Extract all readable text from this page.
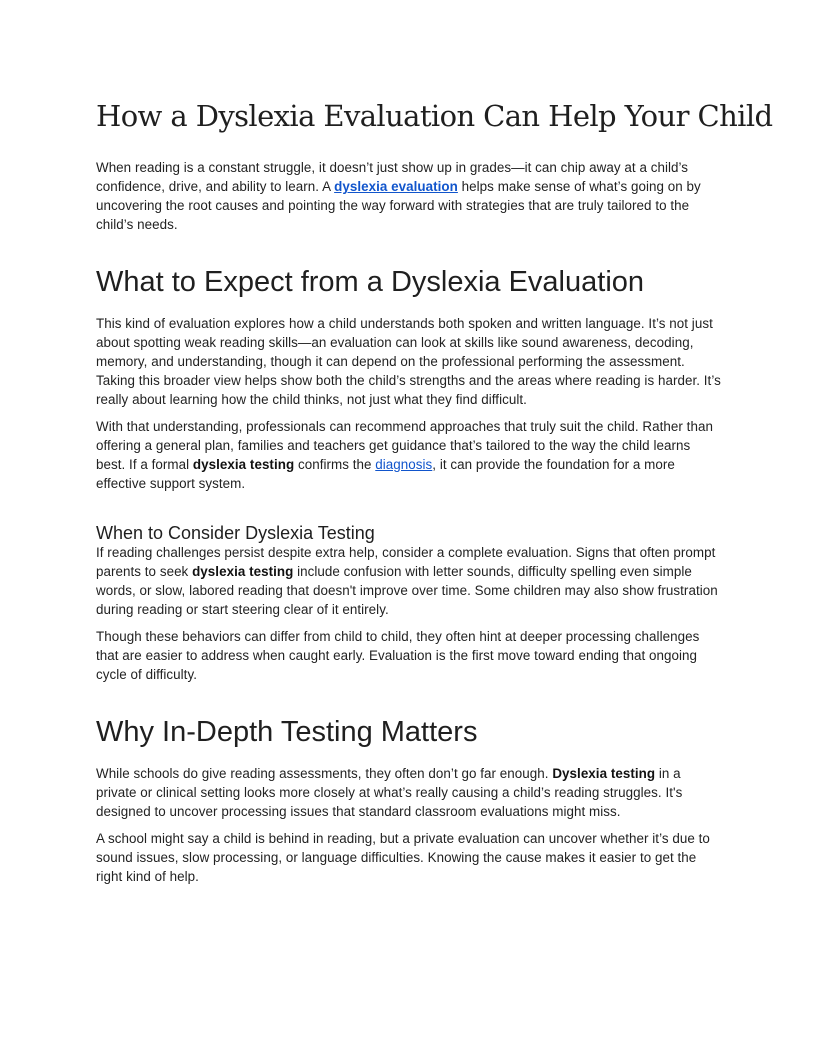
How a Dyslexia Evaluation Can Help Your Child

When reading is a constant struggle, it doesn’t just show up in grades—it can chip away at a child’s confidence, drive, and ability to learn. A dyslexia evaluation helps make sense of what’s going on by uncovering the root causes and pointing the way forward with strategies that are truly tailored to the child’s needs.

What to Expect from a Dyslexia Evaluation

This kind of evaluation explores how a child understands both spoken and written language. It’s not just about spotting weak reading skills—an evaluation can look at skills like sound awareness, decoding, memory, and understanding, though it can depend on the professional performing the assessment. Taking this broader view helps show both the child’s strengths and the areas where reading is harder. It’s really about learning how the child thinks, not just what they find difficult.

With that understanding, professionals can recommend approaches that truly suit the child. Rather than offering a general plan, families and teachers get guidance that’s tailored to the way the child learns best. If a formal dyslexia testing confirms the diagnosis, it can provide the foundation for a more effective support system.

When to Consider Dyslexia Testing

If reading challenges persist despite extra help, consider a complete evaluation. Signs that often prompt parents to seek dyslexia testing include confusion with letter sounds, difficulty spelling even simple words, or slow, labored reading that doesn't improve over time. Some children may also show frustration during reading or start steering clear of it entirely.

Though these behaviors can differ from child to child, they often hint at deeper processing challenges that are easier to address when caught early. Evaluation is the first move toward ending that ongoing cycle of difficulty.

Why In-Depth Testing Matters

While schools do give reading assessments, they often don’t go far enough. Dyslexia testing in a private or clinical setting looks more closely at what’s really causing a child’s reading struggles. It's designed to uncover processing issues that standard classroom evaluations might miss.

A school might say a child is behind in reading, but a private evaluation can uncover whether it’s due to sound issues, slow processing, or language difficulties. Knowing the cause makes it easier to get the right kind of help.
